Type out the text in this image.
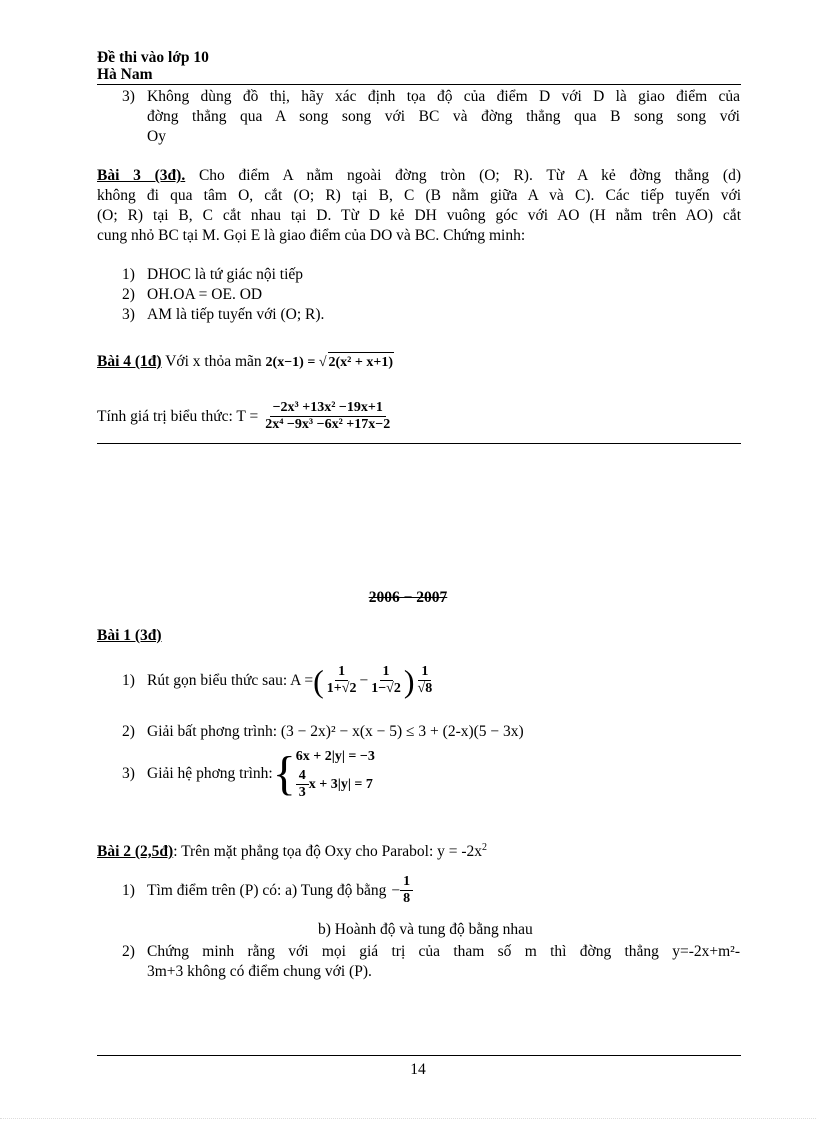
Đề thi vào lớp 10
Hà Nam
3) Không dùng đồ thị, hãy xác định tọa độ của điểm D với D là giao điểm của
đờng thẳng qua A song song với BC và đờng thẳng qua B song song với
Oy
Bài 3 (3đ). Cho điểm A nằm ngoài đờng tròn (O; R). Từ A kẻ đờng thẳng (d)
không đi qua tâm O, cắt (O; R) tại B, C (B nằm giữa A và C). Các tiếp tuyến với
(O; R) tại B, C cắt nhau tại D. Từ D kẻ DH vuông góc với AO (H nằm trên AO) cắt
cung nhỏ BC tại M. Gọi E là giao điểm của DO và BC. Chứng minh:
1) DHOC là tứ giác nội tiếp
2) OH.OA = OE. OD
3) AM là tiếp tuyến với (O; R).
Bài 4 (1đ) Với x thỏa mãn 2(x−1) = √ 2(x² + x+1)
Tính giá trị biểu thức: $T = \frac{\text{−2x³ +13x² −19x+1}}{\text{2x⁴ −9x³ −6x² +17x−2}}$
2006 − 2007
Bài 1 (3đ)
1) Rút gọn biểu thức sau: A = ( $\frac{1}{1+√2} - \frac{1}{1-√2}$ ) $\frac{1}{√8}$
2) Giải bất phơng trình: (3 − 2x)² − x(x − 5) ≤ 3 + (2-x)(5 − 3x)
3) Giải hệ phơng trình: { 6x + 2|y| = −3
$\frac{4}{3}$ x + 3|y| = 7
Bài 2 (2,5đ): Trên mặt phẳng tọa độ Oxy cho Parabol: $y = -2x^2$
1) Tìm điểm trên (P) có: a) Tung độ bằng − $\frac{1}{8}$
b) Hoành độ và tung độ bằng nhau
2) Chứng minh rằng với mọi giá trị của tham số m thì đờng thẳng y=-2x+m²-
3m+3 không có điểm chung với (P).
14
